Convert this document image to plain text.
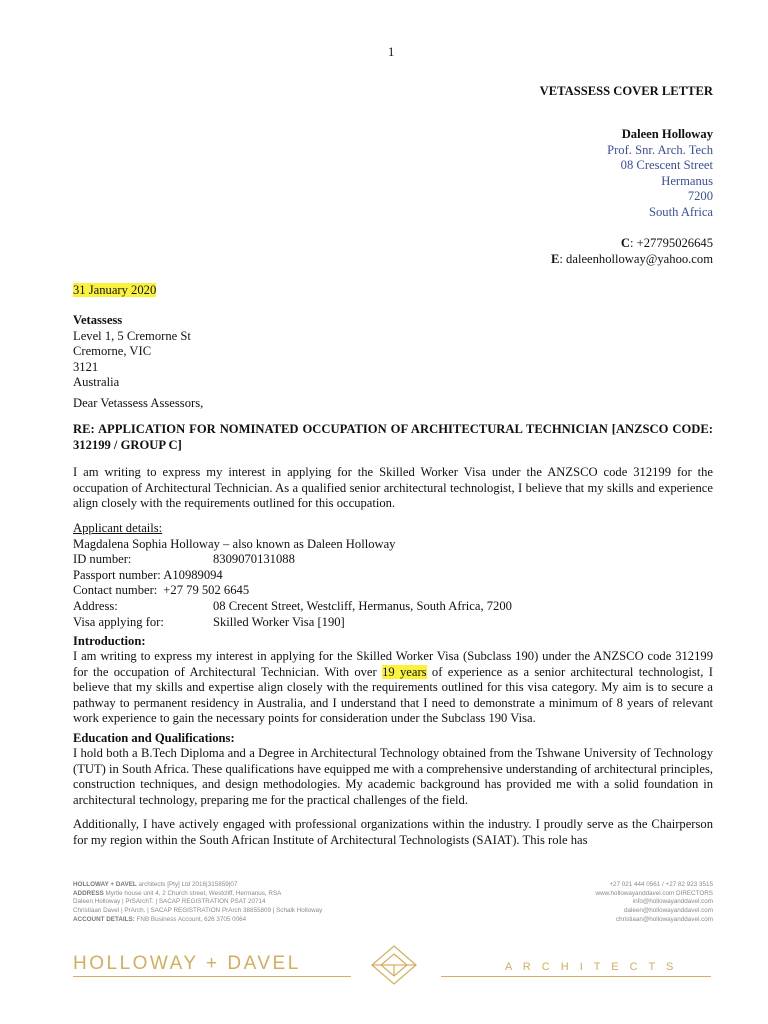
1
VETASSESS COVER LETTER
Daleen Holloway
Prof. Snr. Arch. Tech
08 Crescent Street
Hermanus
7200
South Africa
C: +27795026645
E: daleenholloway@yahoo.com
31 January 2020
Vetassess
Level 1, 5 Cremorne St
Cremorne, VIC
3121
Australia
Dear Vetassess Assessors,
RE: APPLICATION FOR NOMINATED OCCUPATION OF ARCHITECTURAL TECHNICIAN [ANZSCO CODE: 312199 / GROUP C]
I am writing to express my interest in applying for the Skilled Worker Visa under the ANZSCO code 312199 for the occupation of Architectural Technician. As a qualified senior architectural technologist, I believe that my skills and experience align closely with the requirements outlined for this occupation.
Applicant details:
Magdalena Sophia Holloway – also known as Daleen Holloway
ID number:	8309070131088
Passport number: A10989094
Contact number: +27 79 502 6645
Address:	08 Crecent Street, Westcliff, Hermanus, South Africa, 7200
Visa applying for:	Skilled Worker Visa [190]
Introduction:
I am writing to express my interest in applying for the Skilled Worker Visa (Subclass 190) under the ANZSCO code 312199 for the occupation of Architectural Technician. With over 19 years of experience as a senior architectural technologist, I believe that my skills and expertise align closely with the requirements outlined for this visa category. My aim is to secure a pathway to permanent residency in Australia, and I understand that I need to demonstrate a minimum of 8 years of relevant work experience to gain the necessary points for consideration under the Subclass 190 Visa.
Education and Qualifications:
I hold both a B.Tech Diploma and a Degree in Architectural Technology obtained from the Tshwane University of Technology (TUT) in South Africa. These qualifications have equipped me with a comprehensive understanding of architectural principles, construction techniques, and design methodologies. My academic background has provided me with a solid foundation in architectural technology, preparing me for the practical challenges of the field.
Additionally, I have actively engaged with professional organizations within the industry. I proudly serve as the Chairperson for my region within the South African Institute of Architectural Technologists (SAIAT). This role has
HOLLOWAY + DAVEL architects [Pty] Ltd 2016|315859|07
ADDRESS Myrtle house unit 4, 2 Church street, Westcliff, Hermanus, RSA
Daleen Holloway | PrSArchT. | SACAP REGISTRATION PSAT 20714
Christiaan Davel | PrArch. | SACAP REGISTRATION PrArch 38855809 | Schalk Holloway
ACCOUNT DETAILS: FNB Business Account, 626 3705 0064
+27 021 444 0561 / +27 82 923 3515
www.hollowayanddavel.com DIRECTORS
info@hollowayanddavel.com
daleen@hollowayanddavel.com
christiaan@hollowayanddavel.com
HOLLOWAY + DAVEL	A R C H I T E C T S
